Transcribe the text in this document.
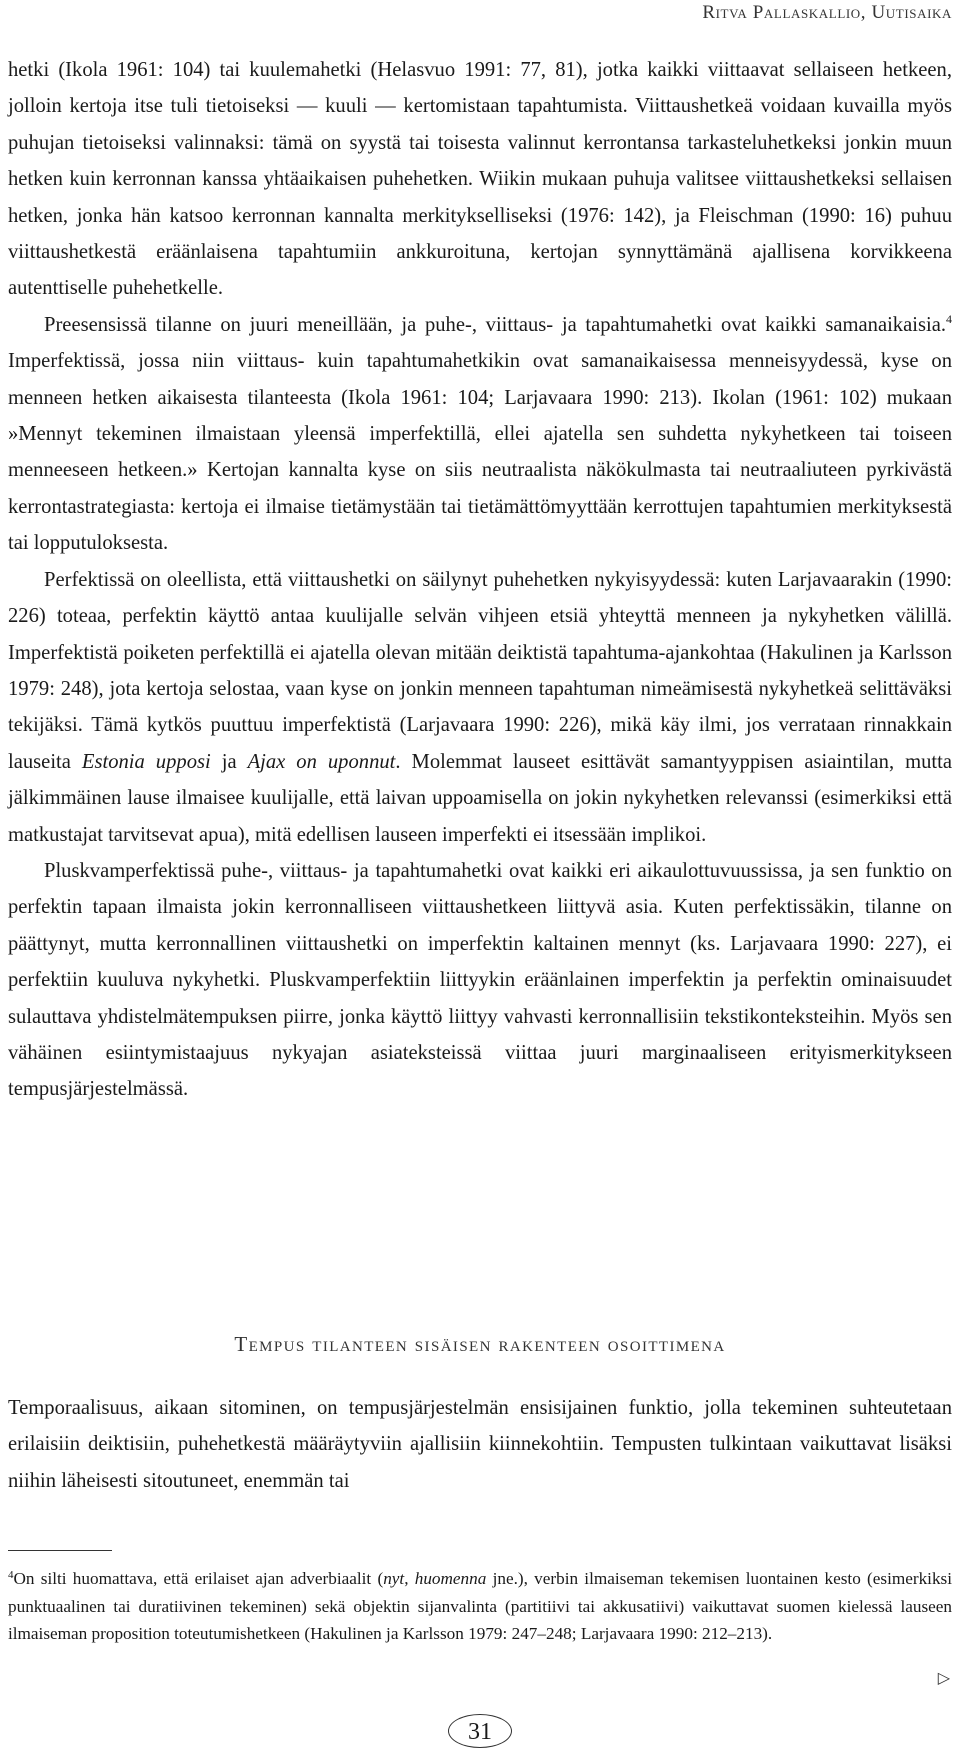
Ritva Pallaskallio, Uutisaika

hetki (Ikola 1961: 104) tai kuulemahetki (Helasvuo 1991: 77, 81), jotka kaikki viittaavat sellaiseen hetkeen, jolloin kertoja itse tuli tietoiseksi — kuuli — kertomistaan tapahtumista. Viittaushetkeä voidaan kuvailla myös puhujan tietoiseksi valinnaksi: tämä on syystä tai toisesta valinnut kerrontansa tarkasteluhetkeksi jonkin muun hetken kuin kerronnan kanssa yhtäaikaisen puhehetken. Wiikin mukaan puhuja valitsee viittaushetkeksi sellaisen hetken, jonka hän katsoo kerronnan kannalta merkitykselliseksi (1976: 142), ja Fleischman (1990: 16) puhuu viittaushetkestä eräänlaisena tapahtumiin ankkuroituna, kertojan synnyttämänä ajallisena korvikkeena autenttiselle puhehetkelle.

Preesensissä tilanne on juuri meneillään, ja puhe-, viittaus- ja tapahtumahetki ovat kaikki samanaikaisia.$^4$ Imperfektissä, jossa niin viittaus- kuin tapahtumahetkikin ovat samanaikaisessa menneisyydessä, kyse on menneen hetken aikaisesta tilanteesta (Ikola 1961: 104; Larjavaara 1990: 213). Ikolan (1961: 102) mukaan »Mennyt tekeminen ilmaistaan yleensä imperfektillä, ellei ajatella sen suhdetta nykyhetkeen tai toiseen menneeseen hetkeen.» Kertojan kannalta kyse on siis neutraalista näkökulmasta tai neutraaliuteen pyrkivästä kerrontastrategiasta: kertoja ei ilmaise tietämystään tai tietämättömyyttään kerrottujen tapahtumien merkityksestä tai lopputuloksesta.

Perfektissä on oleellista, että viittaushetki on säilynyt puhehetken nykyisyydessä: kuten Larjavaarakin (1990: 226) toteaa, perfektin käyttö antaa kuulijalle selvän vihjeen etsiä yhteyttä menneen ja nykyhetken välillä. Imperfektistä poiketen perfektillä ei ajatella olevan mitään deiktistä tapahtuma-ajankohtaa (Hakulinen ja Karlsson 1979: 248), jota kertoja selostaa, vaan kyse on jonkin menneen tapahtuman nimeämisestä nykyhetkeä selittäväksi tekijäksi. Tämä kytkös puuttuu imperfektistä (Larjavaara 1990: 226), mikä käy ilmi, jos verrataan rinnakkain lauseita Estonia upposi ja Ajax on uponnut. Molemmat lauseet esittävät samantyyppisen asiaintilan, mutta jälkimmäinen lause ilmaisee kuulijalle, että laivan uppoamisella on jokin nykyhetken relevanssi (esimerkiksi että matkustajat tarvitsevat apua), mitä edellisen lauseen imperfekti ei itsessään implikoi.

Pluskvamperfektissä puhe-, viittaus- ja tapahtumahetki ovat kaikki eri aikaulottuvuussissa, ja sen funktio on perfektin tapaan ilmaista jokin kerronnalliseen viittaushetkeen liittyvä asia. Kuten perfektissäkin, tilanne on päättynyt, mutta kerronnallinen viittaushetki on imperfektin kaltainen mennyt (ks. Larjavaara 1990: 227), ei perfektiin kuuluva nykyhetki. Pluskvamperfektiin liittyykin eräänlainen imperfektin ja perfektin ominaisuudet sulauttava yhdistelmätempuksen piirre, jonka käyttö liittyy vahvasti kerronnallisiin tekstikonteksteihin. Myös sen vähäinen esiintymistaajuus nykyajan asiateksteissä viittaa juuri marginaaliseen erityismerkitykseen tempusjärjestelmässä.

Tempus tilanteen sisäisen rakenteen osoittimena

Temporaalisuus, aikaan sitominen, on tempusjärjestelmän ensisijainen funktio, jolla tekeminen suhteutetaan erilaisiin deiktisiin, puhehetkestä määräytyviin ajallisiin kiinnekohtiin. Tempusten tulkintaan vaikuttavat lisäksi niihin läheisesti sitoutuneet, enemmän tai

$^4$On silti huomattava, että erilaiset ajan adverbiaalit (nyt, huomenna jne.), verbin ilmaiseman tekemisen luontainen kesto (esimerkiksi punktuaalinen tai duratiivinen tekeminen) sekä objektin sijanvalinta (partitiivi tai akkusatiivi) vaikuttavat suomen kielessä lauseen ilmaiseman proposition toteutumishetkeen (Hakulinen ja Karlsson 1979: 247–248; Larjavaara 1990: 212–213).
▷
31
